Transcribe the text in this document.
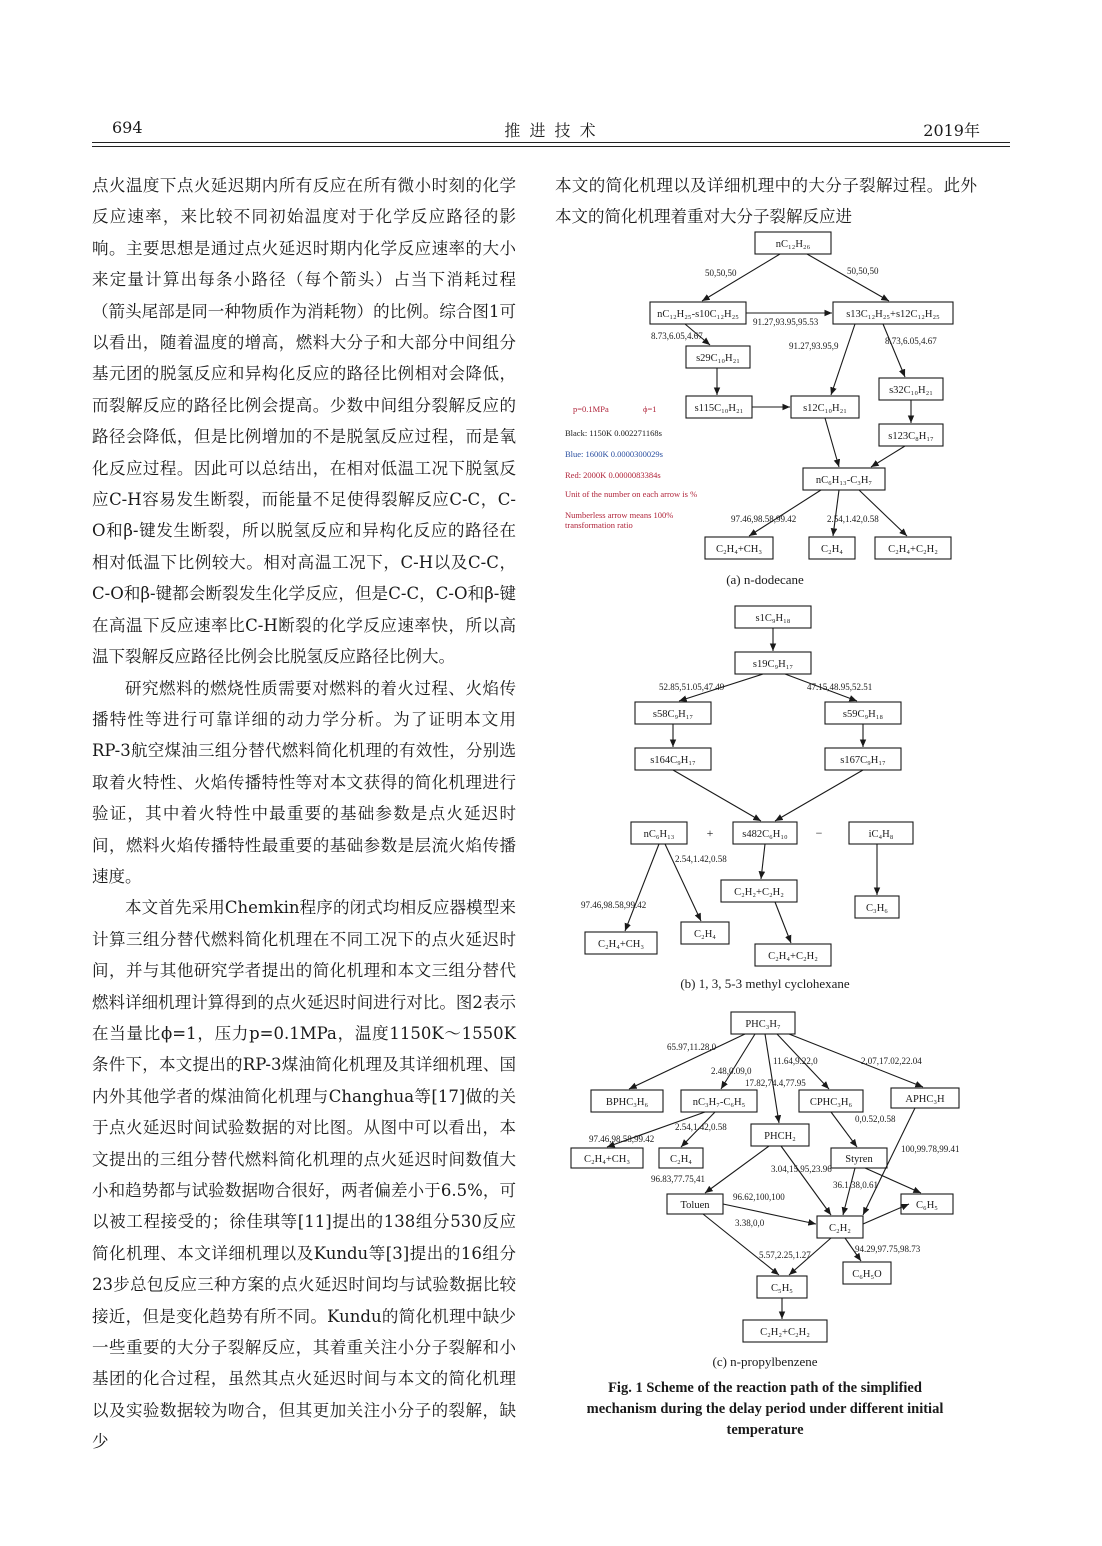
694	推 进 技 术	2019年

点火温度下点火延迟期内所有反应在所有微小时刻的化学反应速率，来比较不同初始温度对于化学反应路径的影响。主要思想是通过点火延迟时期内化学反应速率的大小来定量计算出每条小路径（每个箭头）占当下消耗过程（箭头尾部是同一种物质作为消耗物）的比例。综合图1可以看出，随着温度的增高，燃料大分子和大部分中间组分基元团的脱氢反应和异构化反应的路径比例相对会降低，而裂解反应的路径比例会提高。少数中间组分裂解反应的路径会降低，但是比例增加的不是脱氢反应过程，而是氧化反应过程。因此可以总结出，在相对低温工况下脱氢反应C-H容易发生断裂，而能量不足使得裂解反应C-C，C-O和β-键发生断裂，所以脱氢反应和异构化反应的路径在相对低温下比例较大。相对高温工况下，C-H以及C-C，C-O和β-键都会断裂发生化学反应，但是C-C，C-O和β-键在高温下反应速率比C-H断裂的化学反应速率快，所以高温下裂解反应路径比例会比脱氢反应路径比例大。

研究燃料的燃烧性质需要对燃料的着火过程、火焰传播特性等进行可靠详细的动力学分析。为了证明本文用RP-3航空煤油三组分替代燃料简化机理的有效性，分别选取着火特性、火焰传播特性等对本文获得的简化机理进行验证，其中着火特性中最重要的基础参数是点火延迟时间，燃料火焰传播特性最重要的基础参数是层流火焰传播速度。

本文首先采用Chemkin程序的闭式均相反应器模型来计算三组分替代燃料简化机理在不同工况下的点火延迟时间，并与其他研究学者提出的简化机理和本文三组分替代燃料详细机理计算得到的点火延迟时间进行对比。图2表示在当量比ϕ=1，压力p=0.1MPa，温度1150K～1550K条件下，本文提出的RP-3煤油简化机理及其详细机理、国内外其他学者的煤油简化机理与Changhua等[17]做的关于点火延迟时间试验数据的对比图。从图中可以看出，本文提出的三组分替代燃料简化机理的点火延迟时间数值大小和趋势都与试验数据吻合很好，两者偏差小于6.5%，可以被工程接受的；徐佳琪等[11]提出的138组分530反应简化机理、本文详细机理以及Kundu等[3]提出的16组分23步总包反应三种方案的点火延迟时间均与试验数据比较接近，但是变化趋势有所不同。Kundu的简化机理中缺少一些重要的大分子裂解反应，其着重关注小分子裂解和小基团的化合过程，虽然其点火延迟时间与本文的简化机理以及实验数据较为吻合，但其更加关注小分子的裂解，缺少

本文的简化机理以及详细机理中的大分子裂解过程。此外本文的简化机理着重对大分子裂解反应进

nC₁₂H₂₆
nC₁₂H₂₅-s10C₁₂H₂₅	s13C₁₂H₂₅+s12C₁₂H₂₅
s29C₁₀H₂₁
s32C₁₀H₂₁
s115C₁₀H₂₁	s12C₁₀H₂₁
s123C₈H₁₇
nC₆H₁₃-C₃H₇
C₂H₄+CH₃	C₂H₄	C₂H₄+C₂H₂
50,50,50	50,50,50
91.27,93.95,95.53
8.73,6.05,4.67
91.27,93.95,9	8.73,6.05,4.67
97.46,98.58,99.42	2.54,1.42,0.58
p=0.1MPa	ϕ=1
Black: 1150K 0.002271168s
Blue: 1600K 0.0000300029s
Red: 2000K 0.0000083384s
Unit of the number on each arrow is %
Numberless arrow means 100%
transformation ratio
(a) n-dodecane
s1C₉H₁₈
s19C₉H₁₇
s58C₉H₁₇	s59C₉H₁₈
s164C₉H₁₇	s167C₉H₁₇
nC₆H₁₃	s482C₆H₁₀	iC₄H₈
C₂H₂+C₂H₂
C₂H₄+CH₃
C₂H₄
C₃H₆
C₂H₄+C₂H₂
+	−
52.85,51.05,47.49	47.15,48.95,52.51
2.54,1.42,0.58
97.46,98.58,99.42
(b) 1, 3, 5-3 methyl cyclohexane
PHC₃H₇
BPHC₃H₆	nC₃H₇-C₆H₅	CPHC₃H₆	APHC₃H
PHCH₂
C₂H₄+CH₃	C₂H₄	Styren
Toluen	C₆H₅
C₂H₂
C₆H₅O
C₅H₅
C₂H₂+C₂H₂
65.97,11.28,0
2.48,0.09,0
11.64,9.22,0	2.07,17.02,22.04
17.82,74.4,77.95
0,0.52,0.58
97.46,98.58,99.42
2.54,1.42,0.58
100,99.78,99.41
3.04,15.95,23.96
36.1,38,0.61
96.83,77.75,41
96.62,100,100
3.38,0,0
94.29,97.75,98.73
5.57,2.25,1.27
(c) n-propylbenzene
Fig. 1 Scheme of the reaction path of the simplified
mechanism during the delay period under different initial
temperature
